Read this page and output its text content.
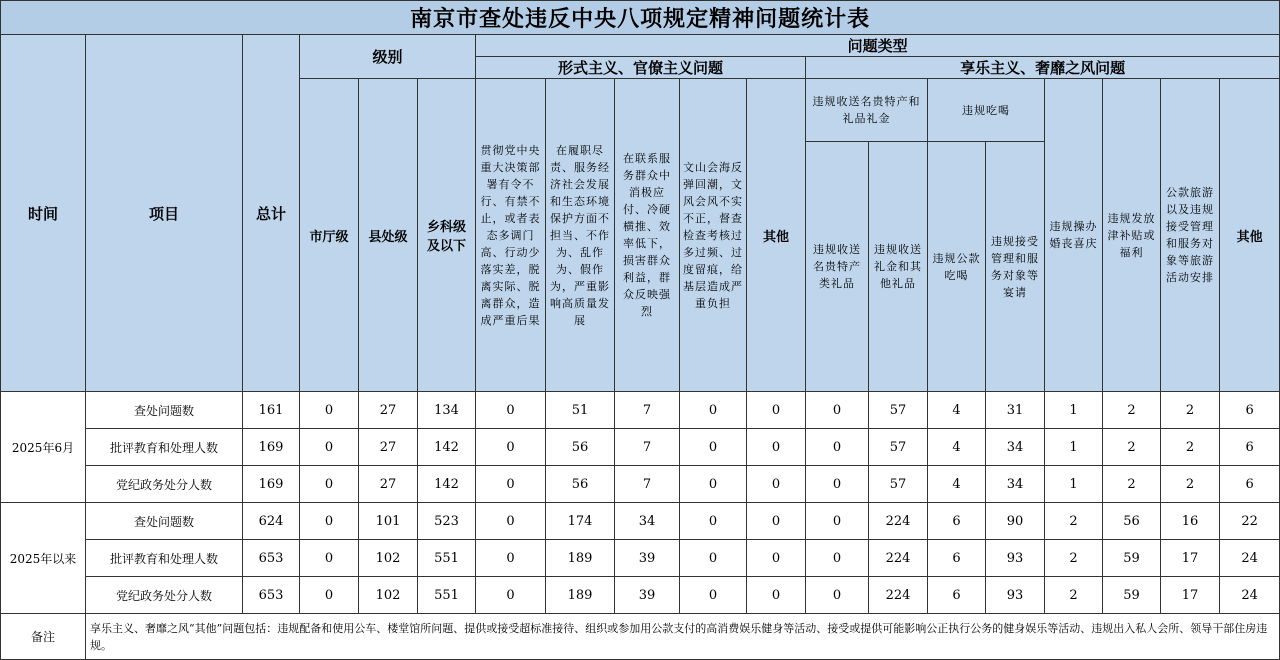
南京市查处违反中央八项规定精神问题统计表																		
时间	项目	总计	级别			问题类型												
						形式主义、官僚主义问题					享乐主义、奢靡之风问题							
			市厅级	县处级	乡科级及以下	贯彻党中央重大决策部署有令不行、有禁不止，或者表态多调门高、行动少落实差，脱离实际、脱离群众，造成严重后果	在履职尽责、服务经济社会发展和生态环境保护方面不担当、不作为、乱作为、假作为，严重影响高质量发展	在联系服务群众中消极应付、冷硬横推、效率低下，损害群众利益，群众反映强烈	文山会海反弹回潮，文风会风不实不正，督查检查考核过多过频、过度留痕，给基层造成严重负担	其他	违规收送名贵特产和礼品礼金		违规吃喝		违规操办婚丧喜庆	违规发放津补贴或福利	公款旅游以及违规接受管理和服务对象等旅游活动安排	其他
											违规收送名贵特产类礼品	违规收送礼金和其他礼品	违规公款吃喝	违规接受管理和服务对象等宴请				

2025年6月	查处问题数	161	0	27	134	0	51	7	0	0	0	57	4	31	1	2	2	6
	批评教育和处理人数	169	0	27	142	0	56	7	0	0	0	57	4	34	1	2	2	6
	党纪政务处分人数	169	0	27	142	0	56	7	0	0	0	57	4	34	1	2	2	6
2025年以来	查处问题数	624	0	101	523	0	174	34	0	0	0	224	6	90	2	56	16	22
	批评教育和处理人数	653	0	102	551	0	189	39	0	0	0	224	6	93	2	59	17	24
	党纪政务处分人数	653	0	102	551	0	189	39	0	0	0	224	6	93	2	59	17	24
备注	享乐主义、奢靡之风“其他”问题包括：违规配备和使用公车、楼堂馆所问题、提供或接受超标准接待、组织或参加用公款支付的高消费娱乐健身等活动、接受或提供可能影响公正执行公务的健身娱乐等活动、违规出入私人会所、领导干部住房违规。																	
